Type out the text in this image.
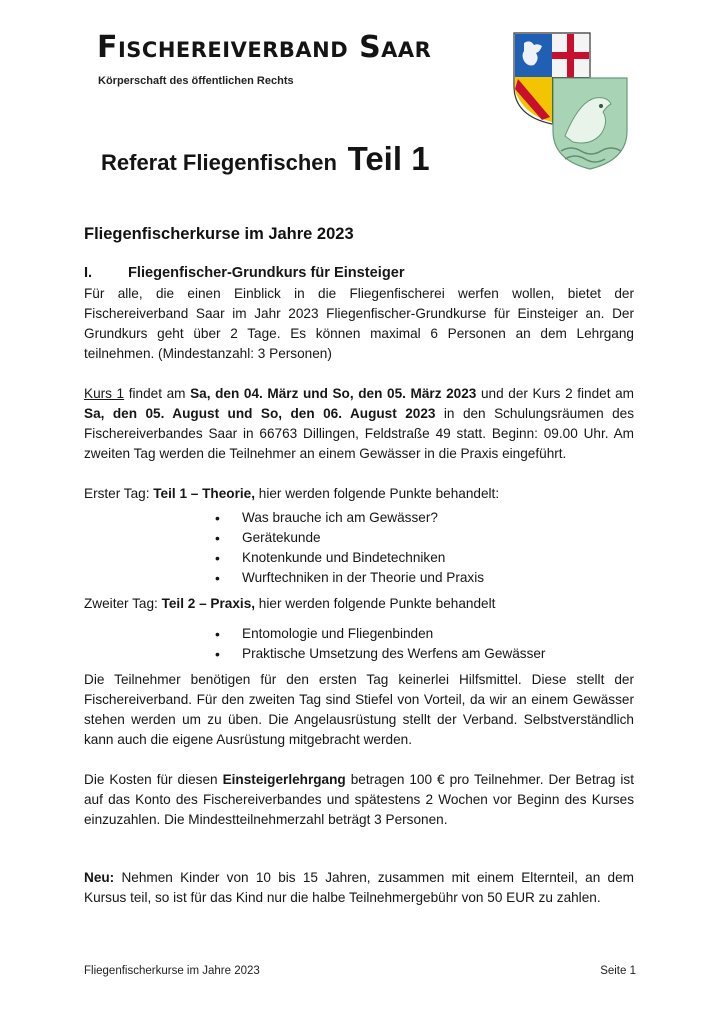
Fischereiverband Saar

Körperschaft des öffentlichen Rechts

Referat Fliegenfischen Teil 1
Fliegenfischerkurse im Jahre 2023

I. Fliegenfischer-Grundkurs für Einsteiger

Für alle, die einen Einblick in die Fliegenfischerei werfen wollen, bietet der Fischereiverband Saar im Jahr 2023 Fliegenfischer-Grundkurse für Einsteiger an. Der Grundkurs geht über 2 Tage. Es können maximal 6 Personen an dem Lehrgang teilnehmen. (Mindestanzahl: 3 Personen)

Kurs 1 findet am Sa, den 04. März und So, den 05. März 2023 und der Kurs 2 findet am Sa, den 05. August und So, den 06. August 2023 in den Schulungsräumen des Fischereiverbandes Saar in 66763 Dillingen, Feldstraße 49 statt. Beginn: 09.00 Uhr. Am zweiten Tag werden die Teilnehmer an einem Gewässer in die Praxis eingeführt.

Erster Tag: Teil 1 – Theorie, hier werden folgende Punkte behandelt:

• Was brauche ich am Gewässer?
• Gerätekunde
• Knotenkunde und Bindetechniken
• Wurftechniken in der Theorie und Praxis

Zweiter Tag: Teil 2 – Praxis, hier werden folgende Punkte behandelt

• Entomologie und Fliegenbinden
• Praktische Umsetzung des Werfens am Gewässer

Die Teilnehmer benötigen für den ersten Tag keinerlei Hilfsmittel. Diese stellt der Fischereiverband. Für den zweiten Tag sind Stiefel von Vorteil, da wir an einem Gewässer stehen werden um zu üben. Die Angelausrüstung stellt der Verband. Selbstverständlich kann auch die eigene Ausrüstung mitgebracht werden.

Die Kosten für diesen Einsteigerlehrgang betragen 100 € pro Teilnehmer. Der Betrag ist auf das Konto des Fischereiverbandes und spätestens 2 Wochen vor Beginn des Kurses einzuzahlen. Die Mindestteilnehmerzahl beträgt 3 Personen.

Neu: Nehmen Kinder von 10 bis 15 Jahren, zusammen mit einem Elternteil, an dem Kursus teil, so ist für das Kind nur die halbe Teilnehmergebühr von 50 EUR zu zahlen.

Fliegenfischerkurse im Jahre 2023	Seite 1
